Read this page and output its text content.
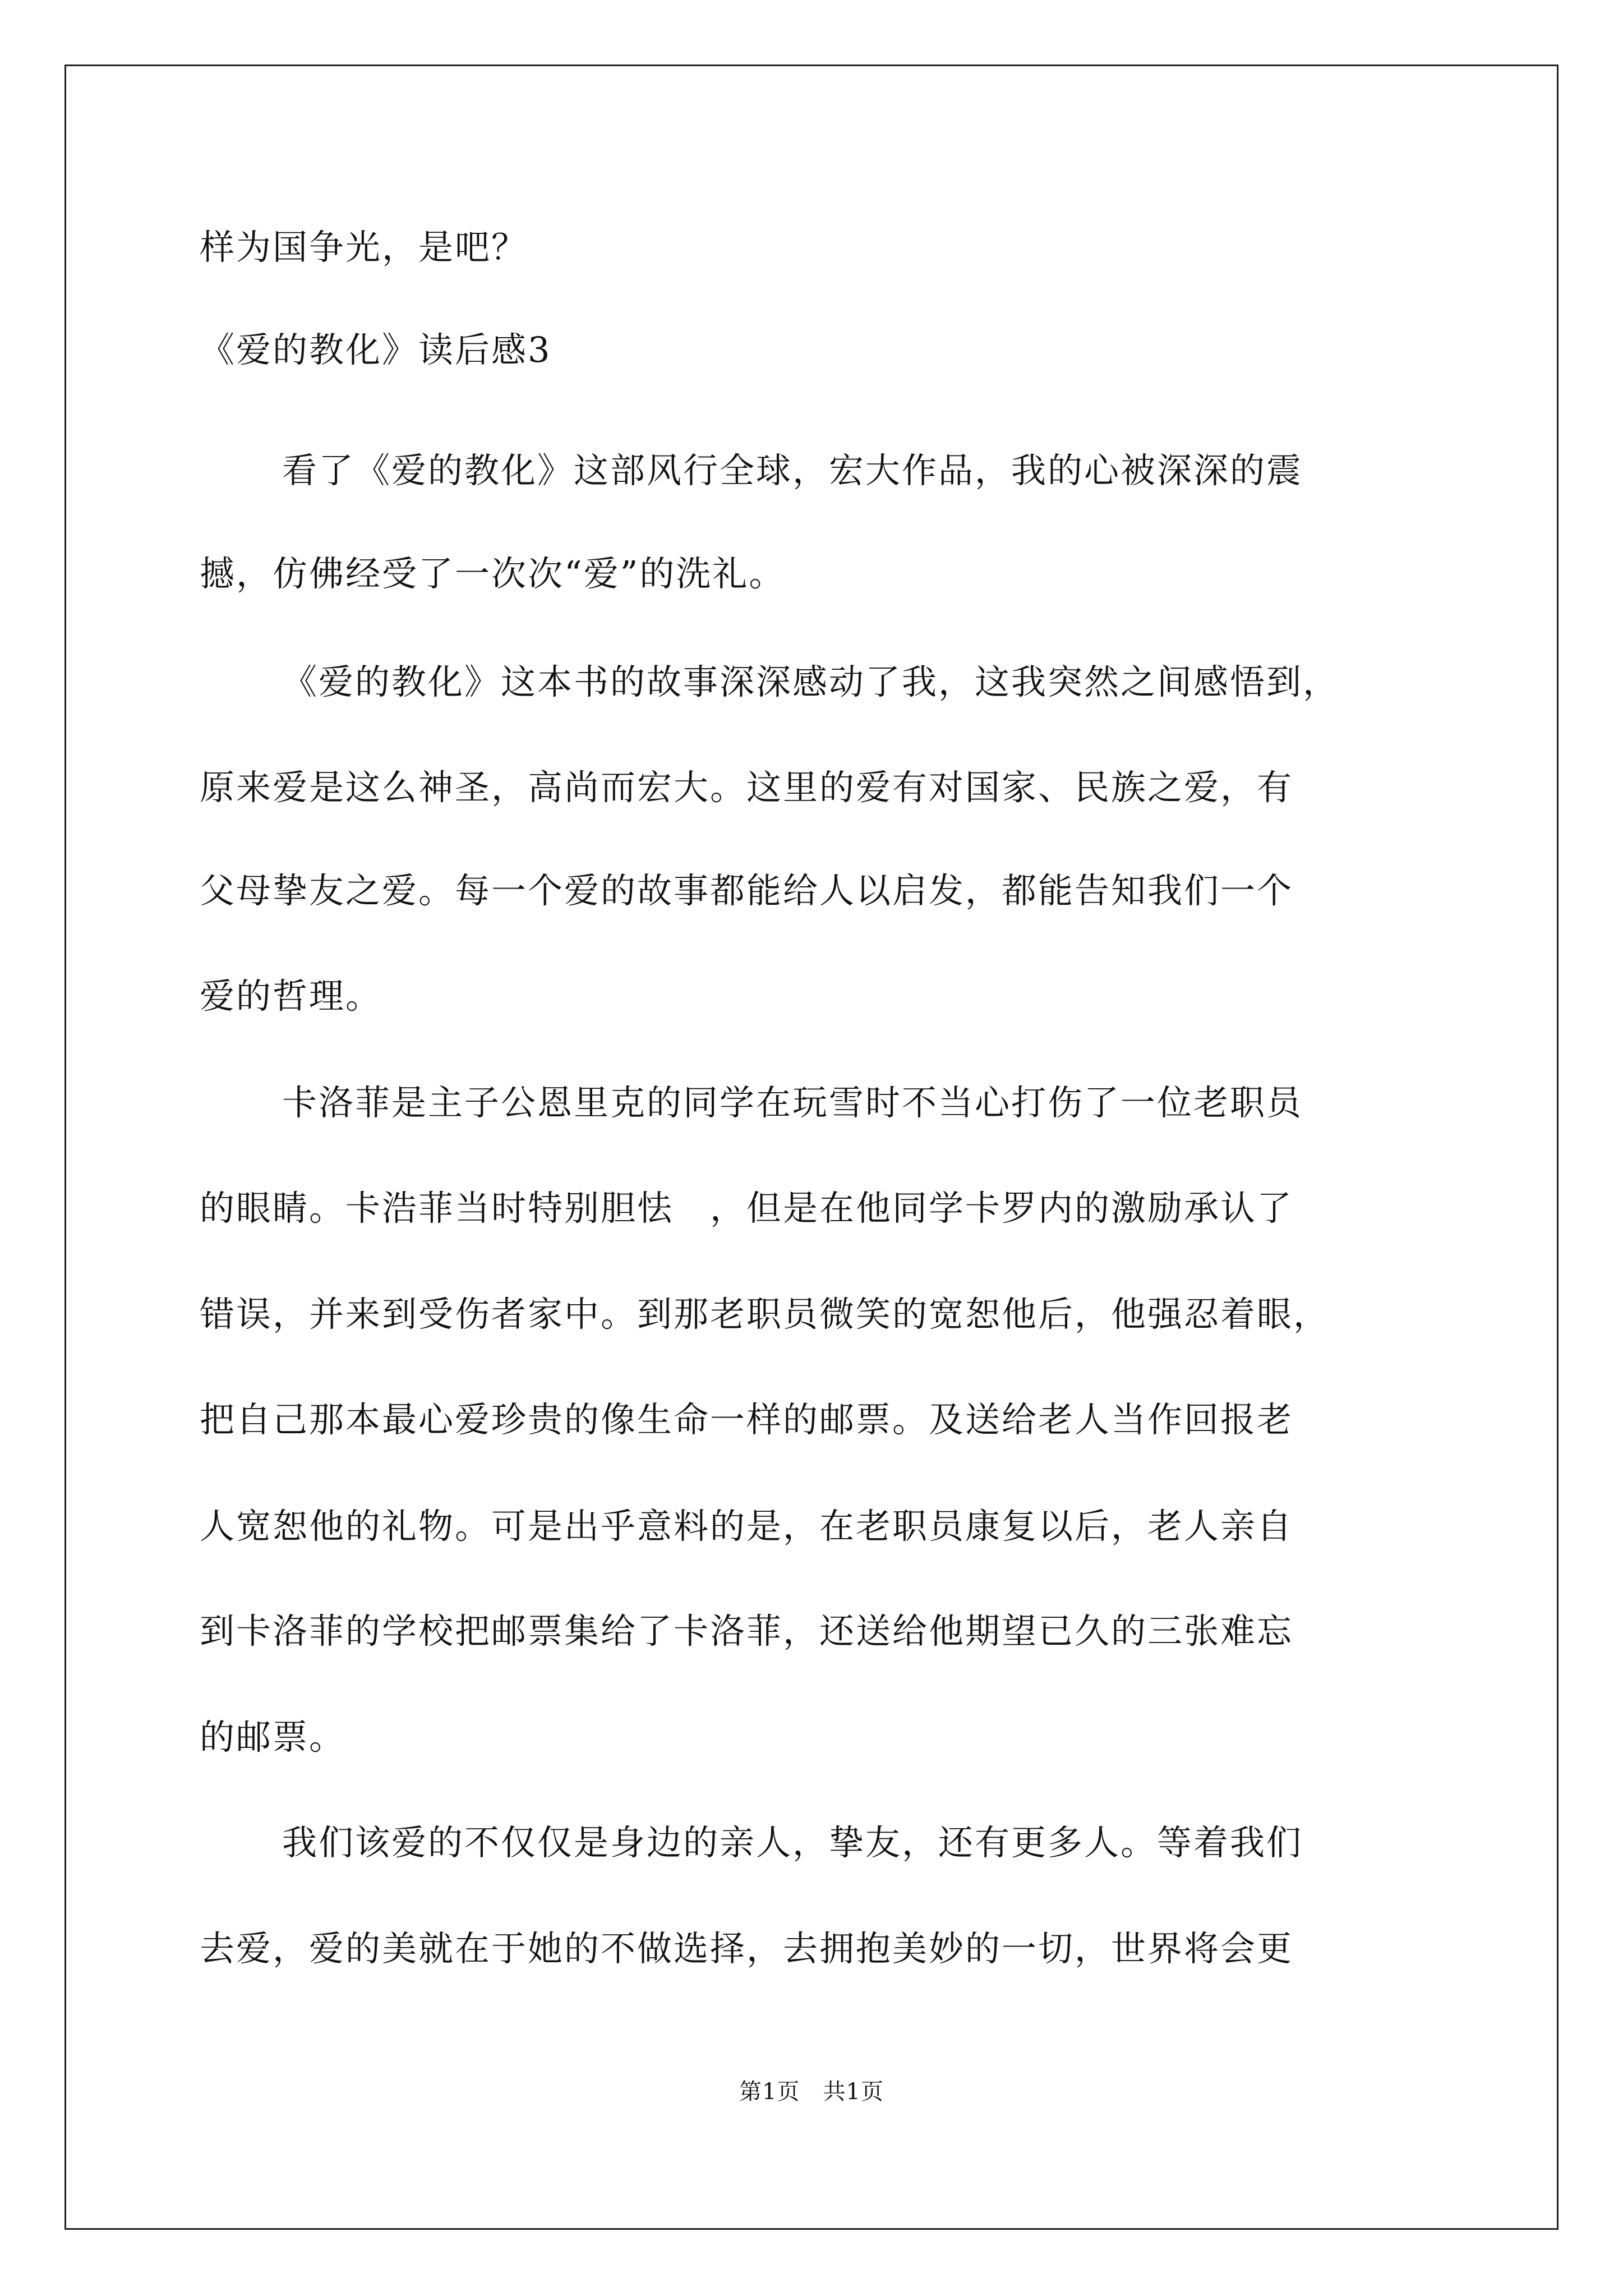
样为国争光，是吧？
《爱的教化》读后感3
看了《爱的教化》这部风行全球，宏大作品，我的心被深深的震
撼，仿佛经受了一次次“爱”的洗礼。
《爱的教化》这本书的故事深深感动了我，这我突然之间感悟到，
原来爱是这么神圣，高尚而宏大。这里的爱有对国家、民族之爱，有
父母挚友之爱。每一个爱的故事都能给人以启发，都能告知我们一个
爱的哲理。
卡洛菲是主子公恩里克的同学在玩雪时不当心打伤了一位老职员
的眼睛。卡浩菲当时特别胆怯　，但是在他同学卡罗内的激励承认了
错误，并来到受伤者家中。到那老职员微笑的宽恕他后，他强忍着眼，
把自己那本最心爱珍贵的像生命一样的邮票。及送给老人当作回报老
人宽恕他的礼物。可是出乎意料的是，在老职员康复以后，老人亲自
到卡洛菲的学校把邮票集给了卡洛菲，还送给他期望已久的三张难忘
的邮票。
我们该爱的不仅仅是身边的亲人，挚友，还有更多人。等着我们
去爱，爱的美就在于她的不做选择，去拥抱美妙的一切，世界将会更
第1页　共1页
